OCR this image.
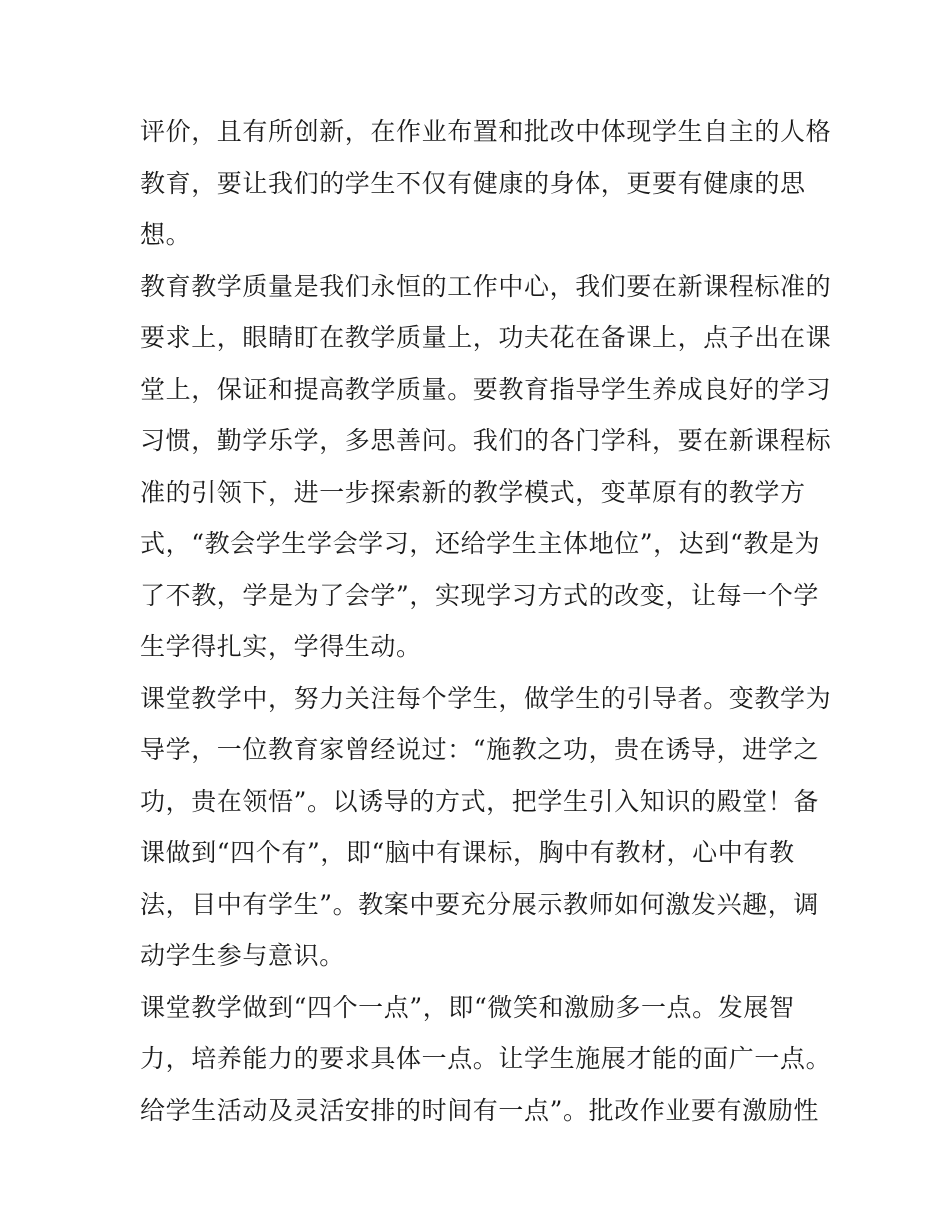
评价，且有所创新，在作业布置和批改中体现学生自主的人格
教育，要让我们的学生不仅有健康的身体，更要有健康的思
想。
教育教学质量是我们永恒的工作中心，我们要在新课程标准的
要求上，眼睛盯在教学质量上，功夫花在备课上，点子出在课
堂上，保证和提高教学质量。要教育指导学生养成良好的学习
习惯，勤学乐学，多思善问。我们的各门学科，要在新课程标
准的引领下，进一步探索新的教学模式，变革原有的教学方
式，“教会学生学会学习，还给学生主体地位”，达到“教是为
了不教，学是为了会学”，实现学习方式的改变，让每一个学
生学得扎实，学得生动。
课堂教学中，努力关注每个学生，做学生的引导者。变教学为
导学，一位教育家曾经说过：“施教之功，贵在诱导，进学之
功，贵在领悟”。以诱导的方式，把学生引入知识的殿堂！备
课做到“四个有”，即“脑中有课标，胸中有教材，心中有教
法，目中有学生”。教案中要充分展示教师如何激发兴趣，调
动学生参与意识。
课堂教学做到“四个一点”，即“微笑和激励多一点。发展智
力，培养能力的要求具体一点。让学生施展才能的面广一点。
给学生活动及灵活安排的时间有一点”。批改作业要有激励性
